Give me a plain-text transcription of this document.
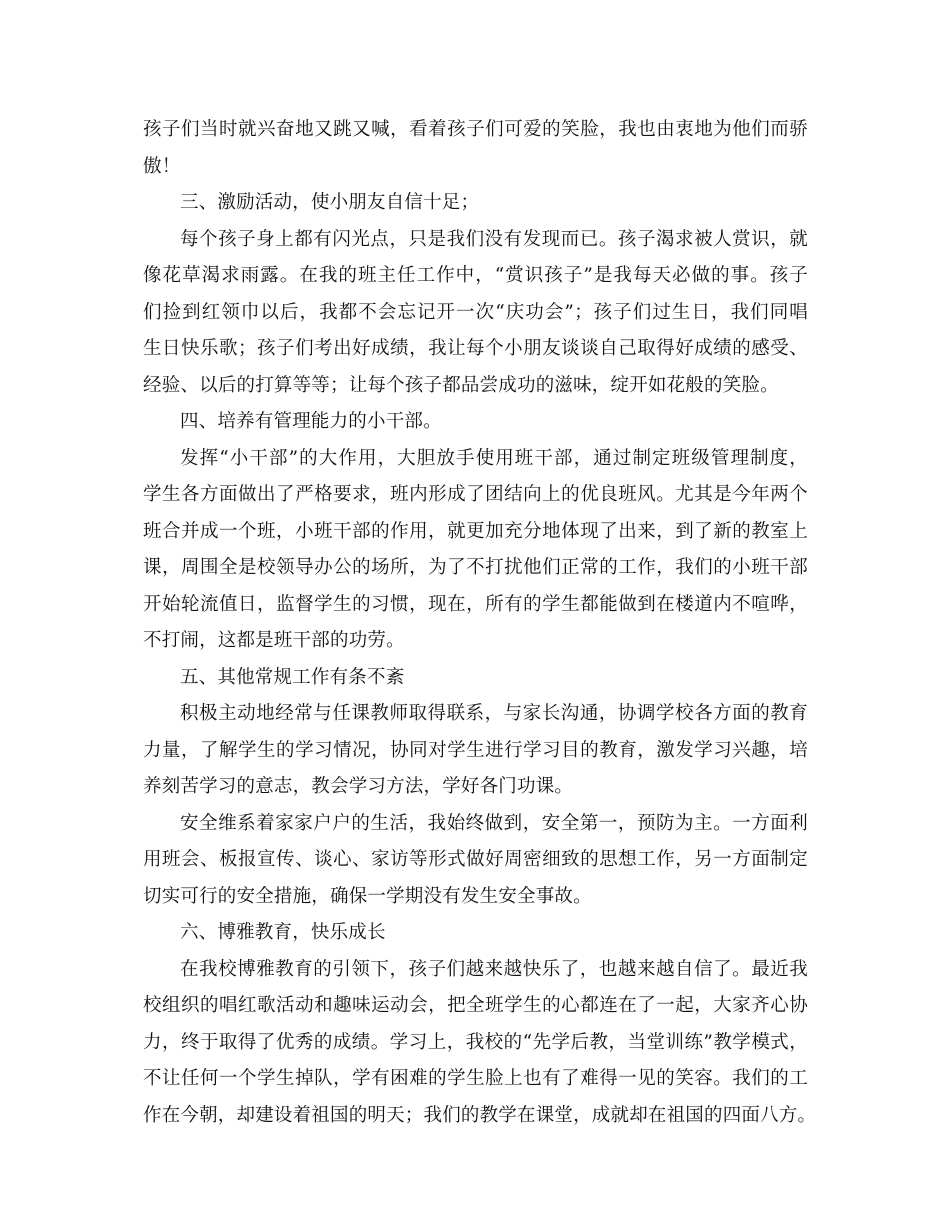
孩子们当时就兴奋地又跳又喊，看着孩子们可爱的笑脸，我也由衷地为他们而骄
傲！
三、激励活动，使小朋友自信十足；
每个孩子身上都有闪光点，只是我们没有发现而已。孩子渴求被人赏识，就
像花草渴求雨露。在我的班主任工作中，“赏识孩子”是我每天必做的事。孩子
们捡到红领巾以后，我都不会忘记开一次“庆功会”；孩子们过生日，我们同唱
生日快乐歌；孩子们考出好成绩，我让每个小朋友谈谈自己取得好成绩的感受、
经验、以后的打算等等；让每个孩子都品尝成功的滋味，绽开如花般的笑脸。
四、培养有管理能力的小干部。
发挥“小干部”的大作用，大胆放手使用班干部，通过制定班级管理制度，
学生各方面做出了严格要求，班内形成了团结向上的优良班风。尤其是今年两个
班合并成一个班，小班干部的作用，就更加充分地体现了出来，到了新的教室上
课，周围全是校领导办公的场所，为了不打扰他们正常的工作，我们的小班干部
开始轮流值日，监督学生的习惯，现在，所有的学生都能做到在楼道内不喧哗，
不打闹，这都是班干部的功劳。
五、其他常规工作有条不紊
积极主动地经常与任课教师取得联系，与家长沟通，协调学校各方面的教育
力量，了解学生的学习情况，协同对学生进行学习目的教育，激发学习兴趣，培
养刻苦学习的意志，教会学习方法，学好各门功课。
安全维系着家家户户的生活，我始终做到，安全第一，预防为主。一方面利
用班会、板报宣传、谈心、家访等形式做好周密细致的思想工作，另一方面制定
切实可行的安全措施，确保一学期没有发生安全事故。
六、博雅教育，快乐成长
在我校博雅教育的引领下，孩子们越来越快乐了，也越来越自信了。最近我
校组织的唱红歌活动和趣味运动会，把全班学生的心都连在了一起，大家齐心协
力，终于取得了优秀的成绩。学习上，我校的“先学后教，当堂训练”教学模式，
不让任何一个学生掉队，学有困难的学生脸上也有了难得一见的笑容。我们的工
作在今朝，却建设着祖国的明天；我们的教学在课堂，成就却在祖国的四面八方。
